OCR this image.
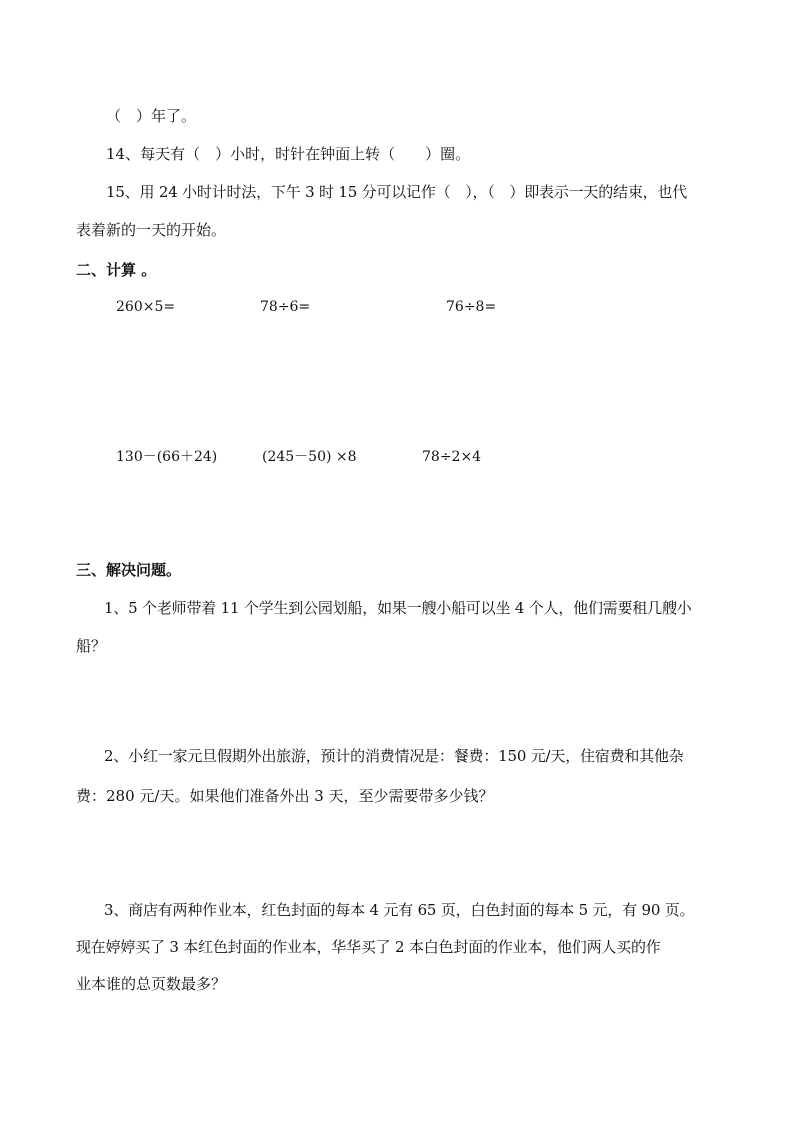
（　）年了。
14、每天有（　）小时，时针在钟面上转（　　）圈。
15、用 24 小时计时法，下午 3 时 15 分可以记作（　），（　）即表示一天的结束，也代
表着新的一天的开始。
二、计算 。
260×5=	78÷6=	76÷8=
130－(66＋24)	(245－50) ×8	78÷2×4
三、解决问题。
1、5 个老师带着 11 个学生到公园划船，如果一艘小船可以坐 4 个人，他们需要租几艘小
船？
2、小红一家元旦假期外出旅游，预计的消费情况是：餐费：150 元/天，住宿费和其他杂
费：280 元/天。如果他们准备外出 3 天，至少需要带多少钱？
3、商店有两种作业本，红色封面的每本 4 元有 65 页，白色封面的每本 5 元，有 90 页。
现在婷婷买了 3 本红色封面的作业本，华华买了 2 本白色封面的作业本，他们两人买的作
业本谁的总页数最多？
